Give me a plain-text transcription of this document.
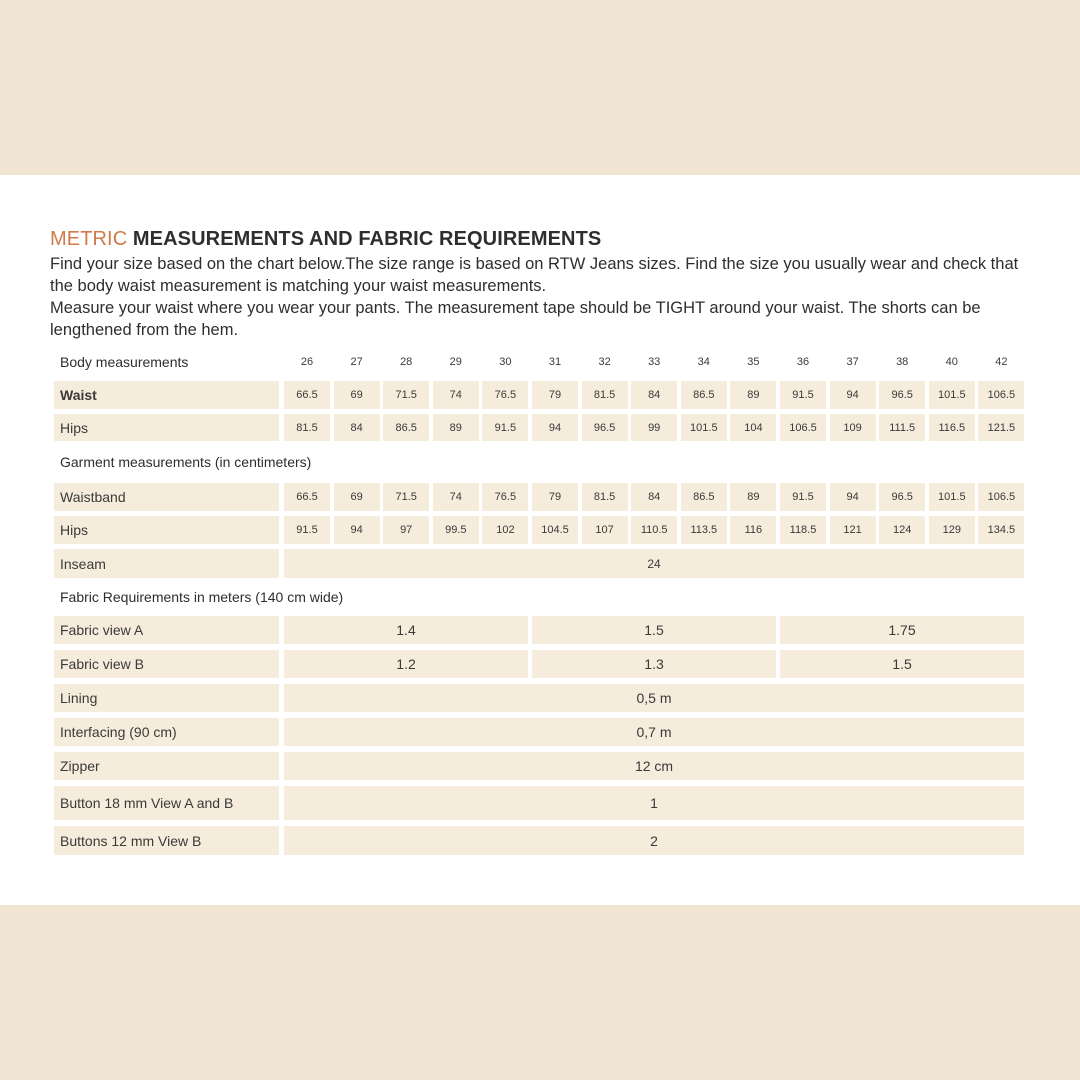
METRIC MEASUREMENTS AND FABRIC REQUIREMENTS

Find your size based on the chart below.The size range is based on RTW Jeans sizes. Find the size you usually wear and check that the body waist measurement is matching your waist measurements.

Measure your waist where you wear your pants. The measurement tape should be TIGHT around your waist. The shorts can be lengthened from the hem.

Body measurements	26	27	28	29	30	31	32	33	34	35	36	37	38	40	42
Waist	66.5	69	71.5	74	76.5	79	81.5	84	86.5	89	91.5	94	96.5	101.5	106.5
Hips	81.5	84	86.5	89	91.5	94	96.5	99	101.5	104	106.5	109	111.5	116.5	121.5
Garment measurements (in centimeters)
Waistband	66.5	69	71.5	74	76.5	79	81.5	84	86.5	89	91.5	94	96.5	101.5	106.5
Hips	91.5	94	97	99.5	102	104.5	107	110.5	113.5	116	118.5	121	124	129	134.5
Inseam	24
Fabric Requirements in meters (140 cm wide)
Fabric view A	1.4	1.5	1.75
Fabric view B	1.2	1.3	1.5
Lining	0,5 m
Interfacing (90 cm)	0,7 m
Zipper	12 cm
Button 18 mm View A and B	1
Buttons 12 mm View B	2
